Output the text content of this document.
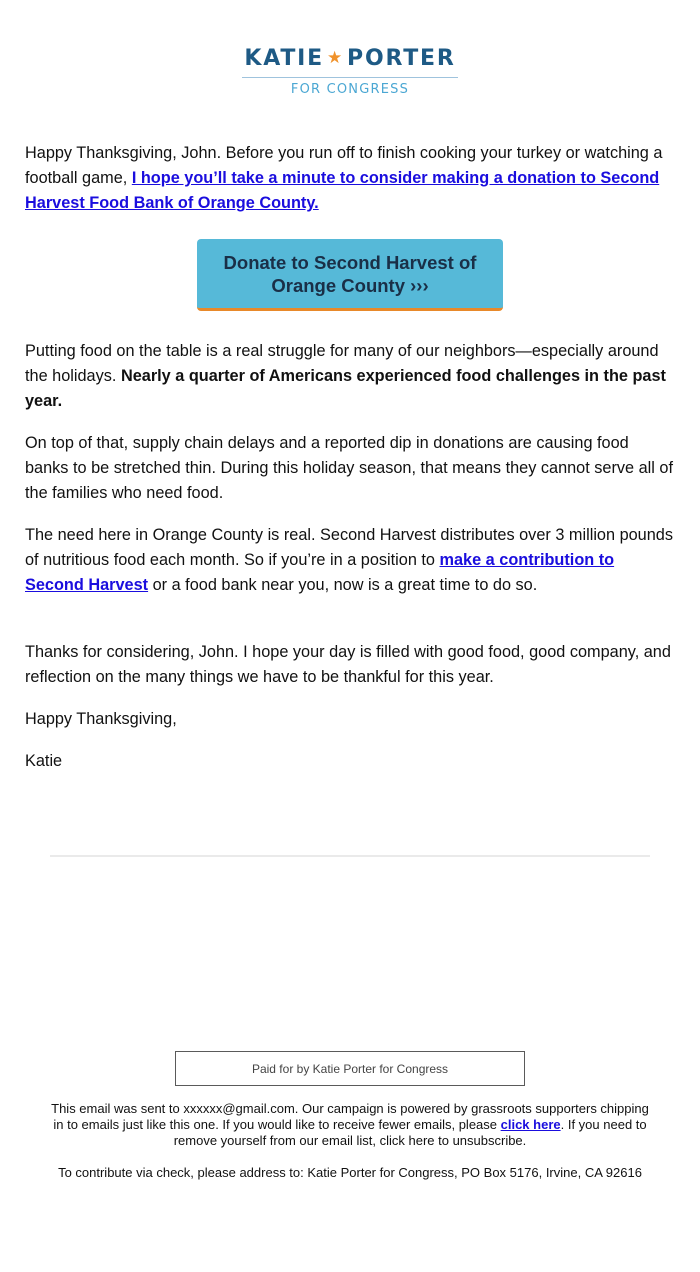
KATIE ★ PORTER
FOR CONGRESS

Happy Thanksgiving, John. Before you run off to finish cooking your turkey or watching a football game, I hope you’ll take a minute to consider making a donation to Second Harvest Food Bank of Orange County.

Donate to Second Harvest of Orange County ›››

Putting food on the table is a real struggle for many of our neighbors—especially around the holidays. Nearly a quarter of Americans experienced food challenges in the past year.

On top of that, supply chain delays and a reported dip in donations are causing food banks to be stretched thin. During this holiday season, that means they cannot serve all of the families who need food.

The need here in Orange County is real. Second Harvest distributes over 3 million pounds of nutritious food each month. So if you’re in a position to make a contribution to Second Harvest or a food bank near you, now is a great time to do so.

Thanks for considering, John. I hope your day is filled with good food, good company, and reflection on the many things we have to be thankful for this year.

Happy Thanksgiving,

Katie

Paid for by Katie Porter for Congress

This email was sent to xxxxxx@gmail.com. Our campaign is powered by grassroots supporters chipping in to emails just like this one. If you would like to receive fewer emails, please click here. If you need to remove yourself from our email list, click here to unsubscribe.

To contribute via check, please address to: Katie Porter for Congress, PO Box 5176, Irvine, CA 92616
